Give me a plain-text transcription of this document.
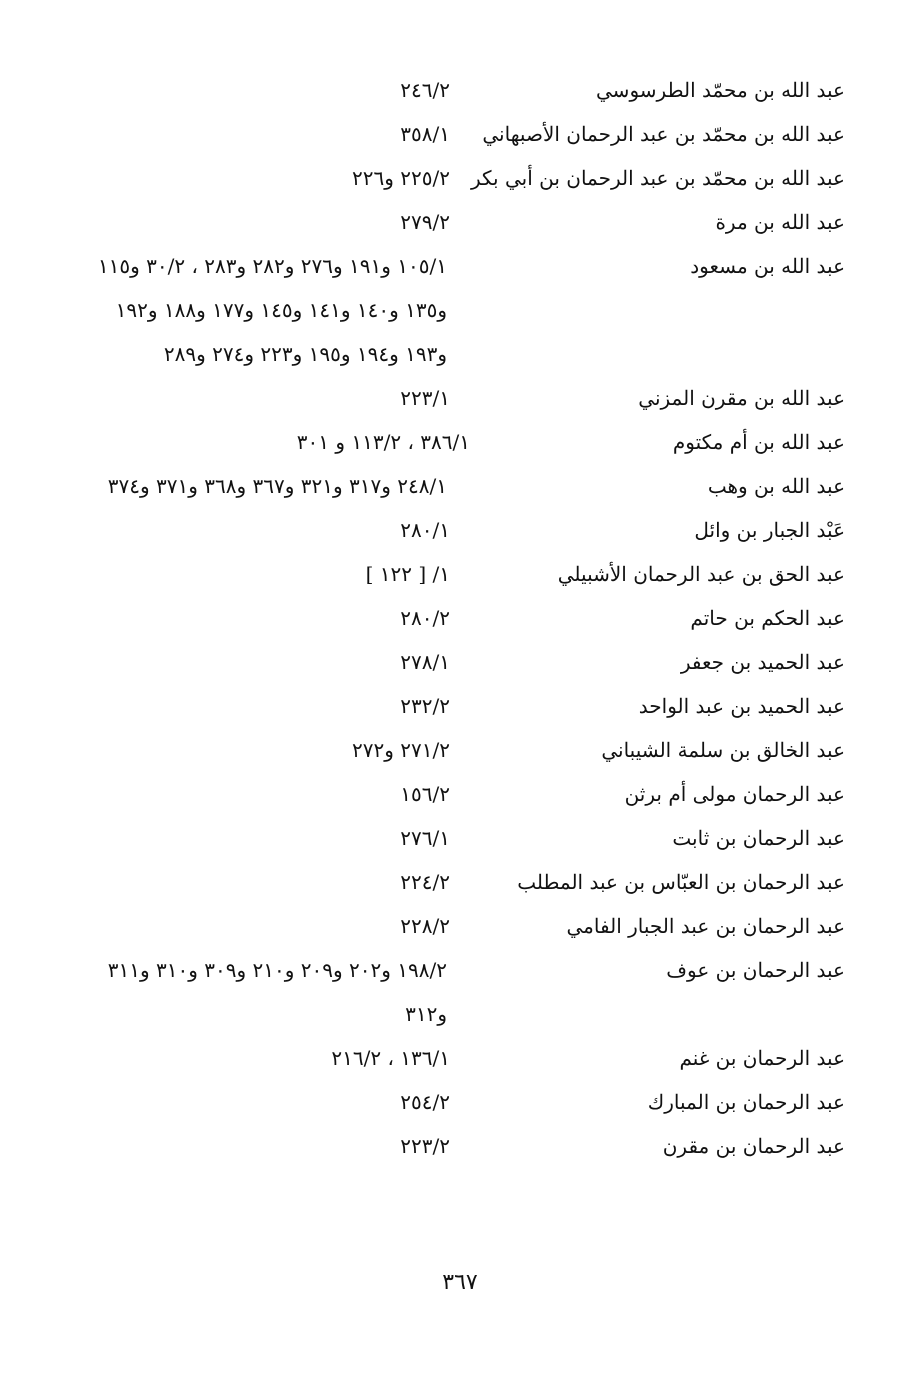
عبد الله بن محمّد الطرسوسي
٢٤٦/٢
عبد الله بن محمّد بن عبد الرحمان الأصبهاني
٣٥٨/١
عبد الله بن محمّد بن عبد الرحمان بن أبي بكر
٢٢٥/٢ و٢٢٦
عبد الله بن مرة
٢٧٩/٢
عبد الله بن مسعود
١٠٥/١ و١٩١ و٢٧٦ و٢٨٢ و٢٨٣ ، ٣٠/٢ و١١٥ و١٣٥ و١٤٠ و١٤١ و١٤٥ و١٧٧ و١٨٨ و١٩٢ و١٩٣ و١٩٤ و١٩٥ و٢٢٣ و٢٧٤ و٢٨٩
عبد الله بن مقرن المزني
٢٢٣/١
عبد الله بن أم مكتوم
٣٨٦/١ ، ١١٣/٢ و ٣٠١
عبد الله بن وهب
٢٤٨/١ و٣١٧ و٣٢١ و٣٦٧ و٣٦٨ و٣٧١ و٣٧٤
عَبْد الجبار بن وائل
٢٨٠/١
عبد الحق بن عبد الرحمان الأشبيلي
١/ [ ١٢٢ ]
عبد الحكم بن حاتم
٢٨٠/٢
عبد الحميد بن جعفر
٢٧٨/١
عبد الحميد بن عبد الواحد
٢٣٢/٢
عبد الخالق بن سلمة الشيباني
٢٧١/٢ و٢٧٢
عبد الرحمان مولى أم برثن
١٥٦/٢
عبد الرحمان بن ثابت
٢٧٦/١
عبد الرحمان بن العبّاس بن عبد المطلب
٢٢٤/٢
عبد الرحمان بن عبد الجبار الفامي
٢٢٨/٢
عبد الرحمان بن عوف
١٩٨/٢ و٢٠٢ و٢٠٩ و٢١٠ و٣٠٩ و٣١٠ و٣١١ و٣١٢
عبد الرحمان بن غنم
١٣٦/١ ، ٢١٦/٢
عبد الرحمان بن المبارك
٢٥٤/٢
عبد الرحمان بن مقرن
٢٢٣/٢
٣٦٧
